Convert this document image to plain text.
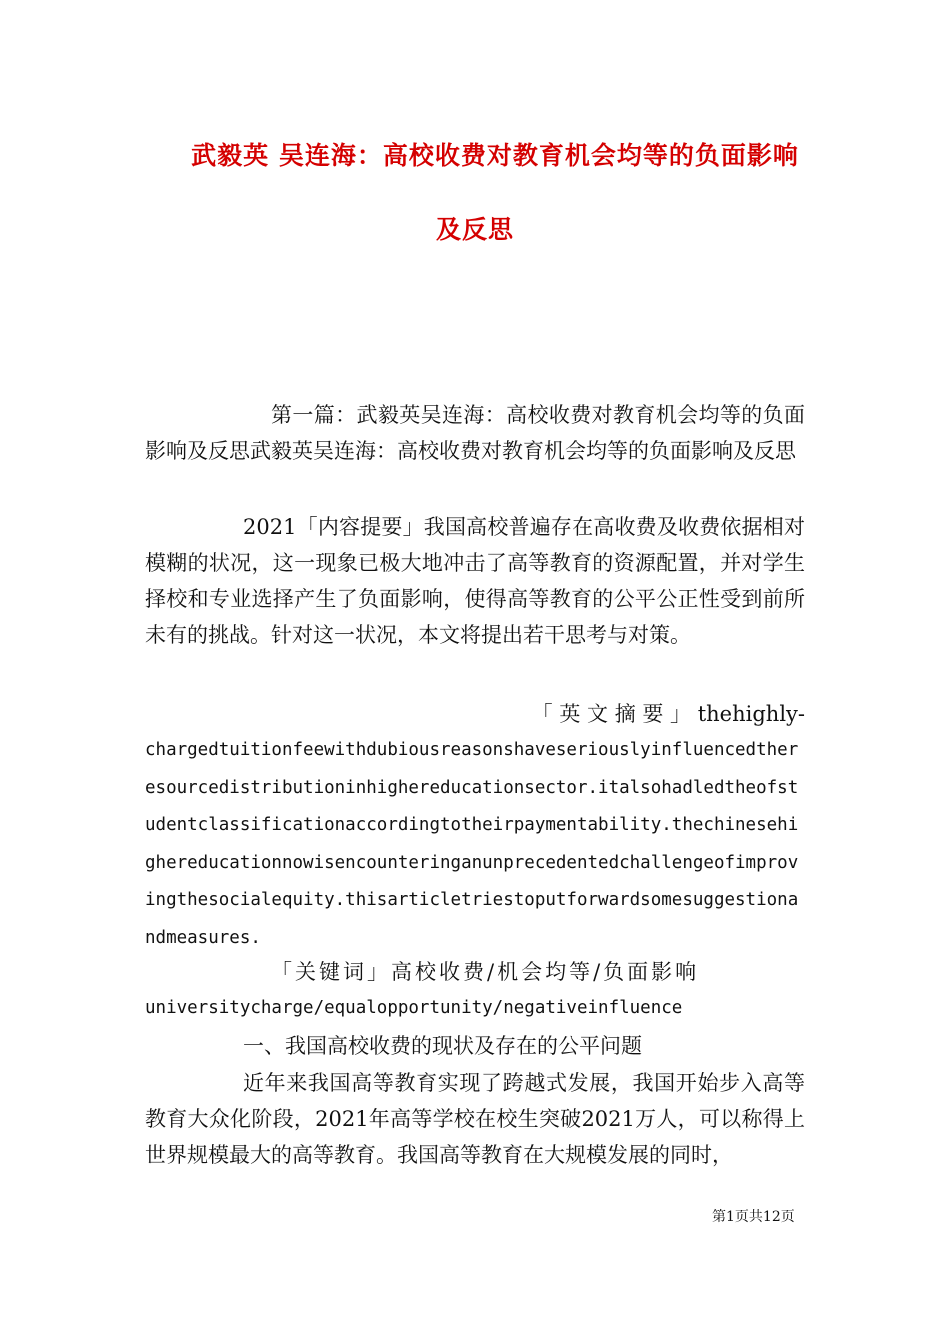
武毅英 吴连海：高校收费对教育机会均等的负面影响
及反思

第一篇：武毅英吴连海：高校收费对教育机会均等的负面影响及反思武毅英吴连海：高校收费对教育机会均等的负面影响及反思

2021「内容提要」我国高校普遍存在高收费及收费依据相对模糊的状况，这一现象已极大地冲击了高等教育的资源配置，并对学生择校和专业选择产生了负面影响，使得高等教育的公平公正性受到前所未有的挑战。针对这一状况，本文将提出若干思考与对策。

「 英 文 摘 要 」 thehighly-

chargedtuitionfeewithdubiousreasonshaveseriouslyinfluencedtheresourcedistributioninhighereducationsector.italsohadledtheofstudentclassificationaccordingtotheirpaymentability.thechinesehighereducationnowisencounteringanunprecedentedchallengeofimprovingthesocialequity.thisarticletriestoputforwardsomesuggestionandmeasures.

「关键词」高校收费/机会均等/负面影响

universitycharge/equalopportunity/negativeinfluence

一、我国高校收费的现状及存在的公平问题

近年来我国高等教育实现了跨越式发展，我国开始步入高等教育大众化阶段，2021年高等学校在校生突破2021万人，可以称得上世界规模最大的高等教育。我国高等教育在大规模发展的同时，

第1页共12页
